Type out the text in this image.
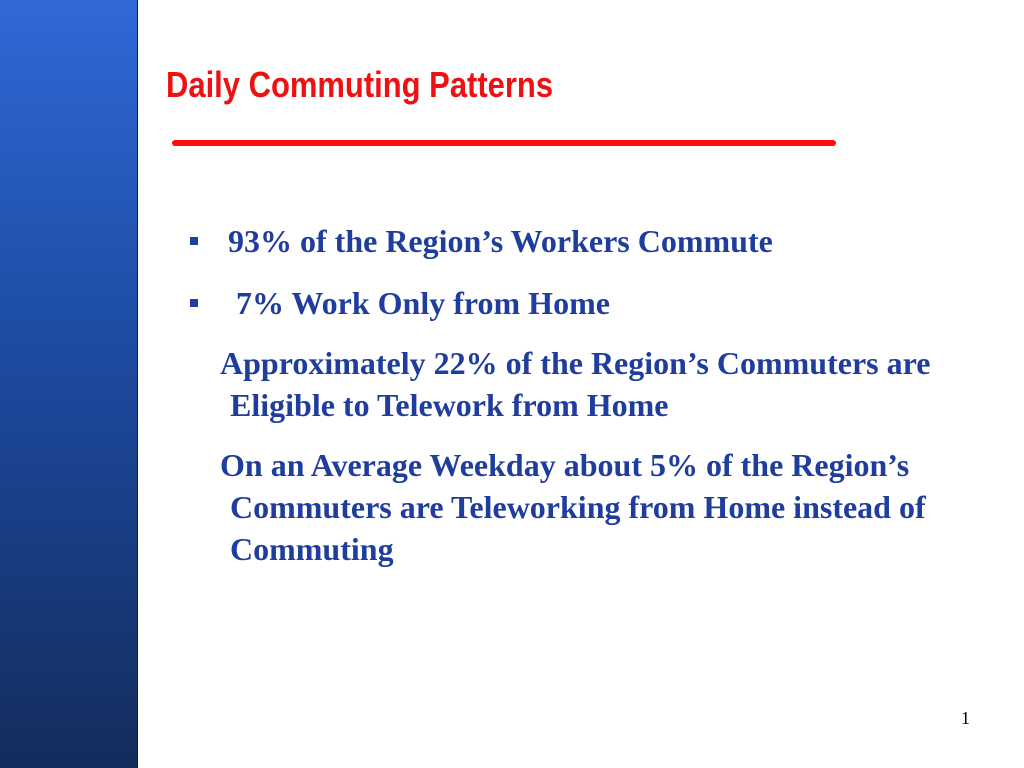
Daily Commuting Patterns
93% of the Region’s Workers Commute
7% Work Only from Home
Approximately 22% of the Region’s Commuters are Eligible to Telework from Home
On an Average Weekday about 5% of the Region’s Commuters are Teleworking from Home instead of Commuting
1
